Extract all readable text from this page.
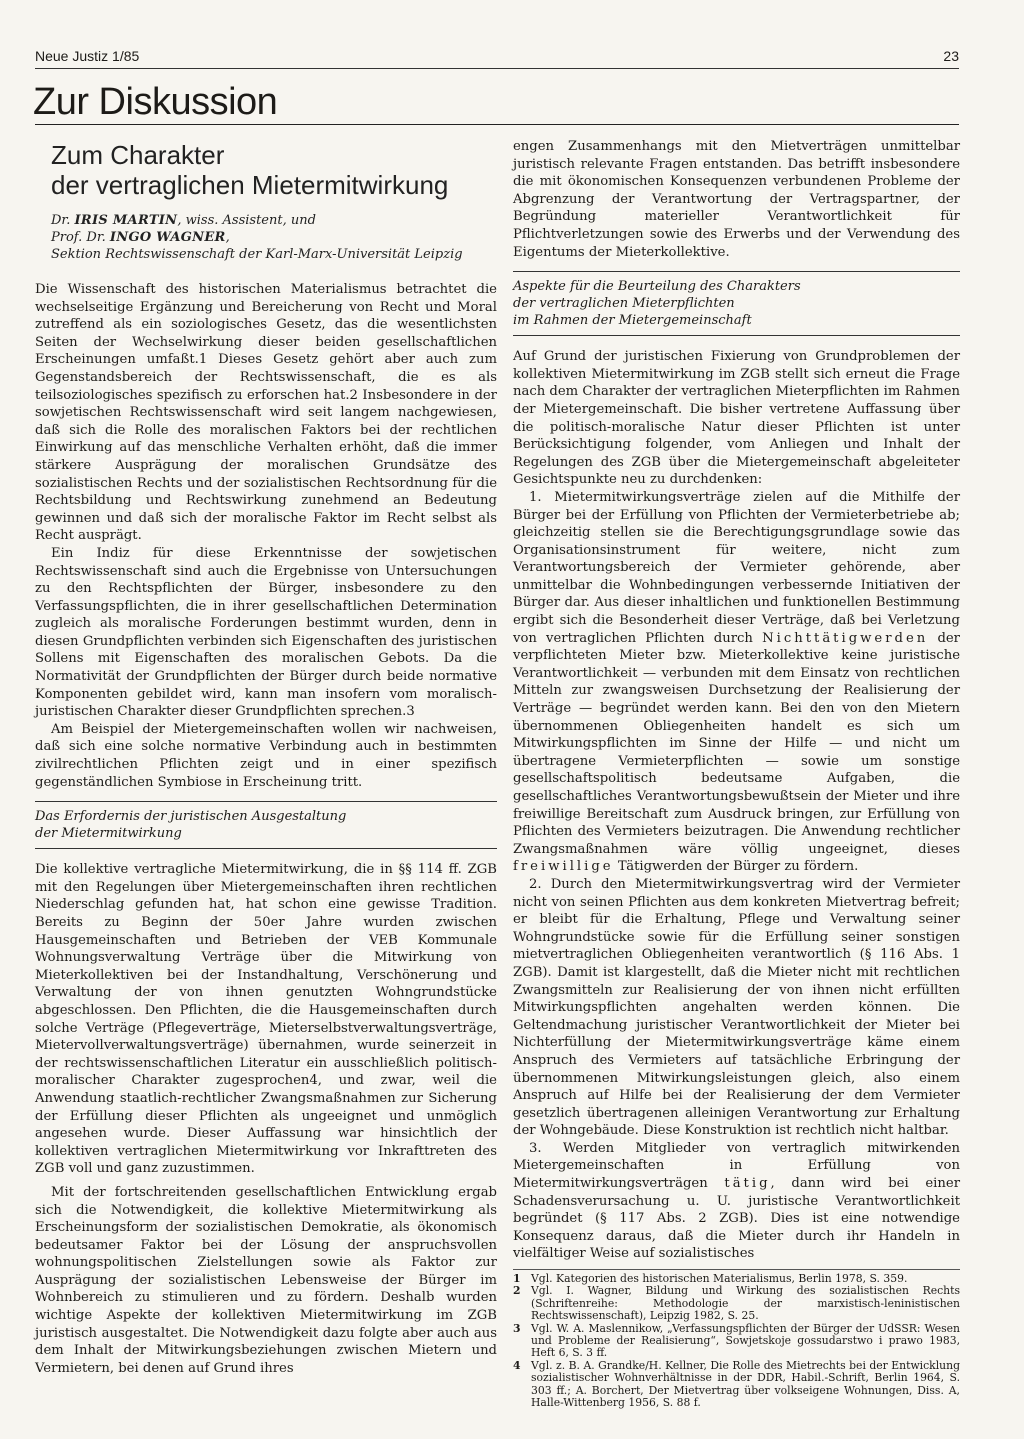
Neue Justiz 1/85	23
Zur Diskussion
Zum Charakter
der vertraglichen Mietermitwirkung
Dr. IRIS MARTIN, wiss. Assistent, und
Prof. Dr. INGO WAGNER,
Sektion Rechtswissenschaft der Karl-Marx-Universität Leipzig

Die Wissenschaft des historischen Materialismus betrachtet die wechselseitige Ergänzung und Bereicherung von Recht und Moral zutreffend als ein soziologisches Gesetz, das die wesentlichsten Seiten der Wechselwirkung dieser beiden gesellschaftlichen Erscheinungen umfaßt.1 Dieses Gesetz gehört aber auch zum Gegenstandsbereich der Rechtswissenschaft, die es als teilsoziologisches spezifisch zu erforschen hat.2 Insbesondere in der sowjetischen Rechtswissenschaft wird seit langem nachgewiesen, daß sich die Rolle des moralischen Faktors bei der rechtlichen Einwirkung auf das menschliche Verhalten erhöht, daß die immer stärkere Ausprägung der moralischen Grundsätze des sozialistischen Rechts und der sozialistischen Rechtsordnung für die Rechtsbildung und Rechtswirkung zunehmend an Bedeutung gewinnen und daß sich der moralische Faktor im Recht selbst als Recht ausprägt.

Ein Indiz für diese Erkenntnisse der sowjetischen Rechtswissenschaft sind auch die Ergebnisse von Untersuchungen zu den Rechtspflichten der Bürger, insbesondere zu den Verfassungspflichten, die in ihrer gesellschaftlichen Determination zugleich als moralische Forderungen bestimmt wurden, denn in diesen Grundpflichten verbinden sich Eigenschaften des juristischen Sollens mit Eigenschaften des moralischen Gebots. Da die Normativität der Grundpflichten der Bürger durch beide normative Komponenten gebildet wird, kann man insofern vom moralisch-juristischen Charakter dieser Grundpflichten sprechen.3

Am Beispiel der Mietergemeinschaften wollen wir nachweisen, daß sich eine solche normative Verbindung auch in bestimmten zivilrechtlichen Pflichten zeigt und in einer spezifisch gegenständlichen Symbiose in Erscheinung tritt.

Das Erfordernis der juristischen Ausgestaltung
der Mietermitwirkung

Die kollektive vertragliche Mietermitwirkung, die in §§ 114 ff. ZGB mit den Regelungen über Mietergemeinschaften ihren rechtlichen Niederschlag gefunden hat, hat schon eine gewisse Tradition. Bereits zu Beginn der 50er Jahre wurden zwischen Hausgemeinschaften und Betrieben der VEB Kommunale Wohnungsverwaltung Verträge über die Mitwirkung von Mieterkollektiven bei der Instandhaltung, Verschönerung und Verwaltung der von ihnen genutzten Wohngrundstücke abgeschlossen. Den Pflichten, die die Hausgemeinschaften durch solche Verträge (Pflegeverträge, Mieterselbstverwaltungsverträge, Mietervollverwaltungsverträge) übernahmen, wurde seinerzeit in der rechtswissenschaftlichen Literatur ein ausschließlich politisch-moralischer Charakter zugesprochen4, und zwar, weil die Anwendung staatlich-rechtlicher Zwangsmaßnahmen zur Sicherung der Erfüllung dieser Pflichten als ungeeignet und unmöglich angesehen wurde. Dieser Auffassung war hinsichtlich der kollektiven vertraglichen Mietermitwirkung vor Inkrafttreten des ZGB voll und ganz zuzustimmen.

Mit der fortschreitenden gesellschaftlichen Entwicklung ergab sich die Notwendigkeit, die kollektive Mietermitwirkung als Erscheinungsform der sozialistischen Demokratie, als ökonomisch bedeutsamer Faktor bei der Lösung der anspruchsvollen wohnungspolitischen Zielstellungen sowie als Faktor zur Ausprägung der sozialistischen Lebensweise der Bürger im Wohnbereich zu stimulieren und zu fördern. Deshalb wurden wichtige Aspekte der kollektiven Mietermitwirkung im ZGB juristisch ausgestaltet. Die Notwendigkeit dazu folgte aber auch aus dem Inhalt der Mitwirkungsbeziehungen zwischen Mietern und Vermietern, bei denen auf Grund ihres

engen Zusammenhangs mit den Mietverträgen unmittelbar juristisch relevante Fragen entstanden. Das betrifft insbesondere die mit ökonomischen Konsequenzen verbundenen Probleme der Abgrenzung der Verantwortung der Vertragspartner, der Begründung materieller Verantwortlichkeit für Pflichtverletzungen sowie des Erwerbs und der Verwendung des Eigentums der Mieterkollektive.

Aspekte für die Beurteilung des Charakters
der vertraglichen Mieterpflichten
im Rahmen der Mietergemeinschaft

Auf Grund der juristischen Fixierung von Grundproblemen der kollektiven Mietermitwirkung im ZGB stellt sich erneut die Frage nach dem Charakter der vertraglichen Mieterpflichten im Rahmen der Mietergemeinschaft. Die bisher vertretene Auffassung über die politisch-moralische Natur dieser Pflichten ist unter Berücksichtigung folgender, vom Anliegen und Inhalt der Regelungen des ZGB über die Mietergemeinschaft abgeleiteter Gesichtspunkte neu zu durchdenken:

1. Mietermitwirkungsverträge zielen auf die Mithilfe der Bürger bei der Erfüllung von Pflichten der Vermieterbetriebe ab; gleichzeitig stellen sie die Berechtigungsgrundlage sowie das Organisationsinstrument für weitere, nicht zum Verantwortungsbereich der Vermieter gehörende, aber unmittelbar die Wohnbedingungen verbessernde Initiativen der Bürger dar. Aus dieser inhaltlichen und funktionellen Bestimmung ergibt sich die Besonderheit dieser Verträge, daß bei Verletzung von vertraglichen Pflichten durch Nichttätigwerden der verpflichteten Mieter bzw. Mieterkollektive keine juristische Verantwortlichkeit — verbunden mit dem Einsatz von rechtlichen Mitteln zur zwangsweisen Durchsetzung der Realisierung der Verträge — begründet werden kann. Bei den von den Mietern übernommenen Obliegenheiten handelt es sich um Mitwirkungspflichten im Sinne der Hilfe — und nicht um übertragene Vermieterpflichten — sowie um sonstige gesellschaftspolitisch bedeutsame Aufgaben, die gesellschaftliches Verantwortungsbewußtsein der Mieter und ihre freiwillige Bereitschaft zum Ausdruck bringen, zur Erfüllung von Pflichten des Vermieters beizutragen. Die Anwendung rechtlicher Zwangsmaßnahmen wäre völlig ungeeignet, dieses freiwillige Tätigwerden der Bürger zu fördern.

2. Durch den Mietermitwirkungsvertrag wird der Vermieter nicht von seinen Pflichten aus dem konkreten Mietvertrag befreit; er bleibt für die Erhaltung, Pflege und Verwaltung seiner Wohngrundstücke sowie für die Erfüllung seiner sonstigen mietvertraglichen Obliegenheiten verantwortlich (§ 116 Abs. 1 ZGB). Damit ist klargestellt, daß die Mieter nicht mit rechtlichen Zwangsmitteln zur Realisierung der von ihnen nicht erfüllten Mitwirkungspflichten angehalten werden können. Die Geltendmachung juristischer Verantwortlichkeit der Mieter bei Nichterfüllung der Mietermitwirkungsverträge käme einem Anspruch des Vermieters auf tatsächliche Erbringung der übernommenen Mitwirkungsleistungen gleich, also einem Anspruch auf Hilfe bei der Realisierung der dem Vermieter gesetzlich übertragenen alleinigen Verantwortung zur Erhaltung der Wohngebäude. Diese Konstruktion ist rechtlich nicht haltbar.

3. Werden Mitglieder von vertraglich mitwirkenden Mietergemeinschaften in Erfüllung von Mietermitwirkungsverträgen tätig, dann wird bei einer Schadensverursachung u. U. juristische Verantwortlichkeit begründet (§ 117 Abs. 2 ZGB). Dies ist eine notwendige Konsequenz daraus, daß die Mieter durch ihr Handeln in vielfältiger Weise auf sozialistisches

1 Vgl. Kategorien des historischen Materialismus, Berlin 1978, S. 359.
2 Vgl. I. Wagner, Bildung und Wirkung des sozialistischen Rechts (Schriftenreihe: Methodologie der marxistisch-leninistischen Rechtswissenschaft), Leipzig 1982, S. 25.
3 Vgl. W. A. Maslennikow, „Verfassungspflichten der Bürger der UdSSR: Wesen und Probleme der Realisierung“, Sowjetskoje gossudarstwo i prawo 1983, Heft 6, S. 3 ff.
4 Vgl. z. B. A. Grandke/H. Kellner, Die Rolle des Mietrechts bei der Entwicklung sozialistischer Wohnverhältnisse in der DDR, Habil.-Schrift, Berlin 1964, S. 303 ff.; A. Borchert, Der Mietvertrag über volkseigene Wohnungen, Diss. A, Halle-Wittenberg 1956, S. 88 f.
